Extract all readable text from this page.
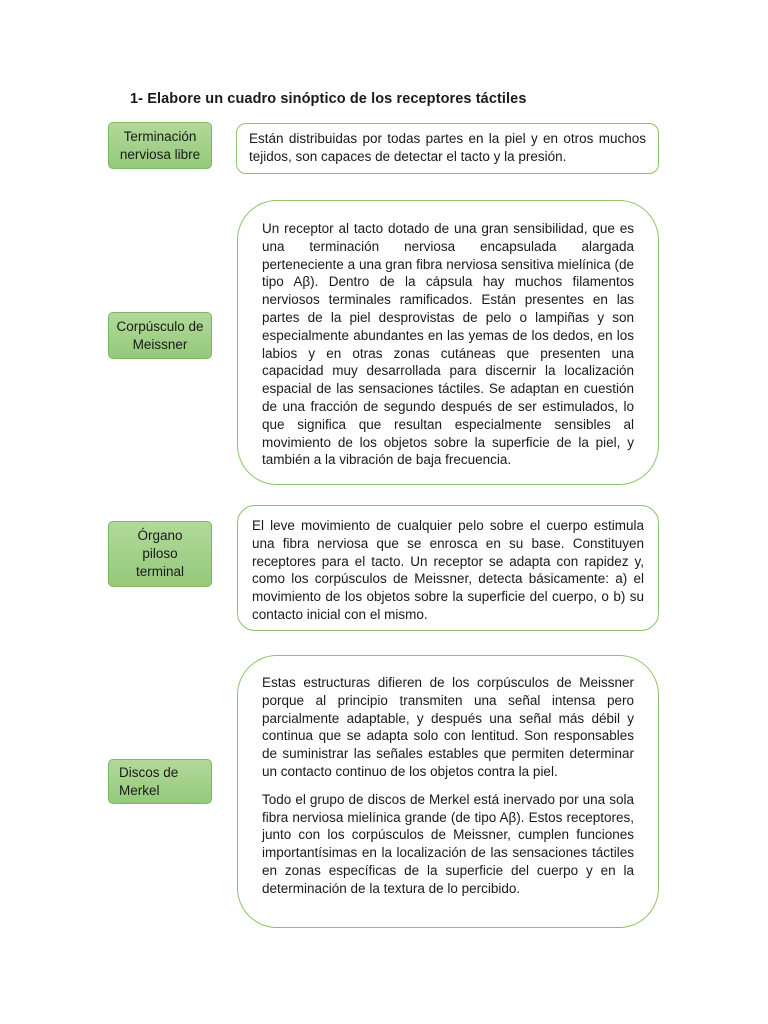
1- Elabore un cuadro sinóptico de los receptores táctiles
Terminación nerviosa libre

Están distribuidas por todas partes en la piel y en otros muchos tejidos, son capaces de detectar el tacto y la presión.

Corpúsculo de Meissner

Un receptor al tacto dotado de una gran sensibilidad, que es una terminación nerviosa encapsulada alargada perteneciente a una gran fibra nerviosa sensitiva mielínica (de tipo Aβ). Dentro de la cápsula hay muchos filamentos nerviosos terminales ramificados. Están presentes en las partes de la piel desprovistas de pelo o lampiñas y son especialmente abundantes en las yemas de los dedos, en los labios y en otras zonas cutáneas que presenten una capacidad muy desarrollada para discernir la localización espacial de las sensaciones táctiles. Se adaptan en cuestión de una fracción de segundo después de ser estimulados, lo que significa que resultan especialmente sensibles al movimiento de los objetos sobre la superficie de la piel, y también a la vibración de baja frecuencia.

Órgano piloso terminal

El leve movimiento de cualquier pelo sobre el cuerpo estimula una fibra nerviosa que se enrosca en su base. Constituyen receptores para el tacto. Un receptor se adapta con rapidez y, como los corpúsculos de Meissner, detecta básicamente: a) el movimiento de los objetos sobre la superficie del cuerpo, o b) su contacto inicial con el mismo.

Discos de Merkel

Estas estructuras difieren de los corpúsculos de Meissner porque al principio transmiten una señal intensa pero parcialmente adaptable, y después una señal más débil y continua que se adapta solo con lentitud. Son responsables de suministrar las señales estables que permiten determinar un contacto continuo de los objetos contra la piel.

Todo el grupo de discos de Merkel está inervado por una sola fibra nerviosa mielínica grande (de tipo Aβ). Estos receptores, junto con los corpúsculos de Meissner, cumplen funciones importantísimas en la localización de las sensaciones táctiles en zonas específicas de la superficie del cuerpo y en la determinación de la textura de lo percibido.
